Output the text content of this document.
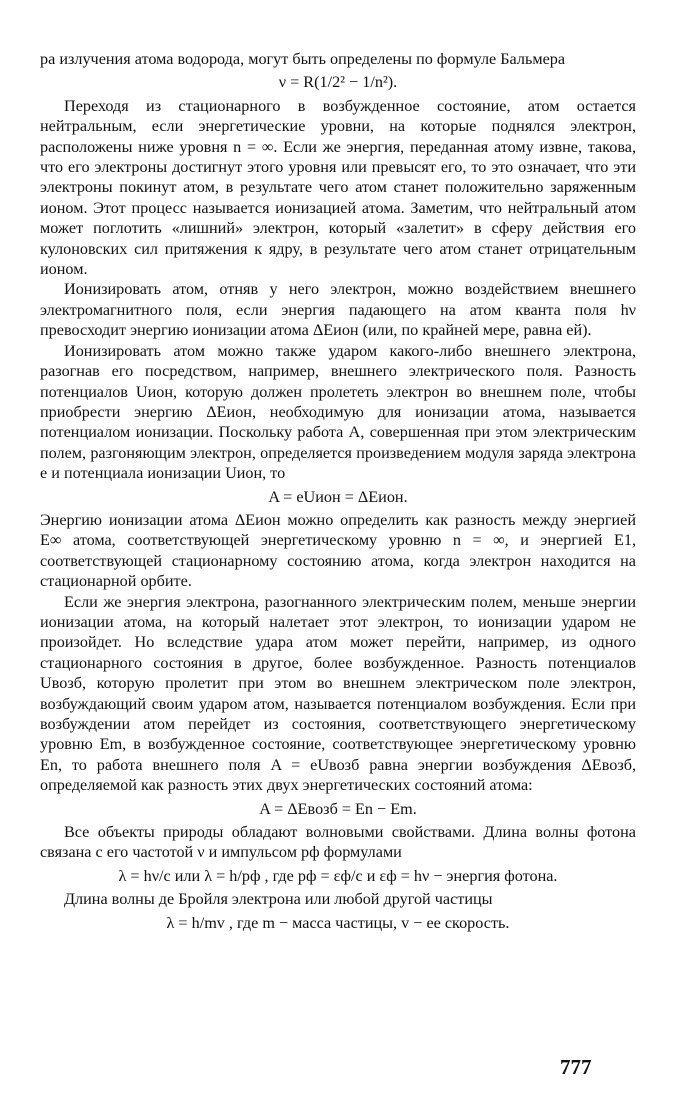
ра излучения атома водорода, могут быть определены по формуле Бальмера

ν = R(1/2² − 1/n²).

Переходя из стационарного в возбужденное состояние, атом остается нейтральным, если энергетические уровни, на которые поднялся электрон, расположены ниже уровня n = ∞. Если же энергия, переданная атому извне, такова, что его электроны достигнут этого уровня или превысят его, то это означает, что эти электроны покинут атом, в результате чего атом станет положительно заряженным ионом. Этот процесс называется ионизацией атома. Заметим, что нейтральный атом может поглотить «лишний» электрон, который «залетит» в сферу действия его кулоновских сил притяжения к ядру, в результате чего атом станет отрицательным ионом.

Ионизировать атом, отняв у него электрон, можно воздействием внешнего электромагнитного поля, если энергия падающего на атом кванта поля hν превосходит энергию ионизации атома ΔEион (или, по крайней мере, равна ей).

Ионизировать атом можно также ударом какого-либо внешнего электрона, разогнав его посредством, например, внешнего электрического поля. Разность потенциалов Uион, которую должен пролететь электрон во внешнем поле, чтобы приобрести энергию ΔEион, необходимую для ионизации атома, называется потенциалом ионизации. Поскольку работа A, совершенная при этом электрическим полем, разгоняющим электрон, определяется произведением модуля заряда электрона e и потенциала ионизации Uион, то

A = eUион = ΔEион.

Энергию ионизации атома ΔEион можно определить как разность между энергией E∞ атома, соответствующей энергетическому уровню n = ∞, и энергией E1, соответствующей стационарному состоянию атома, когда электрон находится на стационарной орбите.

Если же энергия электрона, разогнанного электрическим полем, меньше энергии ионизации атома, на который налетает этот электрон, то ионизации ударом не произойдет. Но вследствие удара атом может перейти, например, из одного стационарного состояния в другое, более возбужденное. Разность потенциалов Uвозб, которую пролетит при этом во внешнем электрическом поле электрон, возбуждающий своим ударом атом, называется потенциалом возбуждения. Если при возбуждении атом перейдет из состояния, соответствующего энергетическому уровню Em, в возбужденное состояние, соответствующее энергетическому уровню En, то работа внешнего поля A = eUвозб равна энергии возбуждения ΔEвозб, определяемой как разность этих двух энергетических состояний атома:

A = ΔEвозб = En − Em.

Все объекты природы обладают волновыми свойствами. Длина волны фотона связана с его частотой ν и импульсом pф формулами

λ = hν/c или λ = h/pф , где pф = εф/c и εф = hν − энергия фотона.

Длина волны де Бройля электрона или любой другой частицы

λ = h/mv , где m − масса частицы, v − ее скорость.
777
